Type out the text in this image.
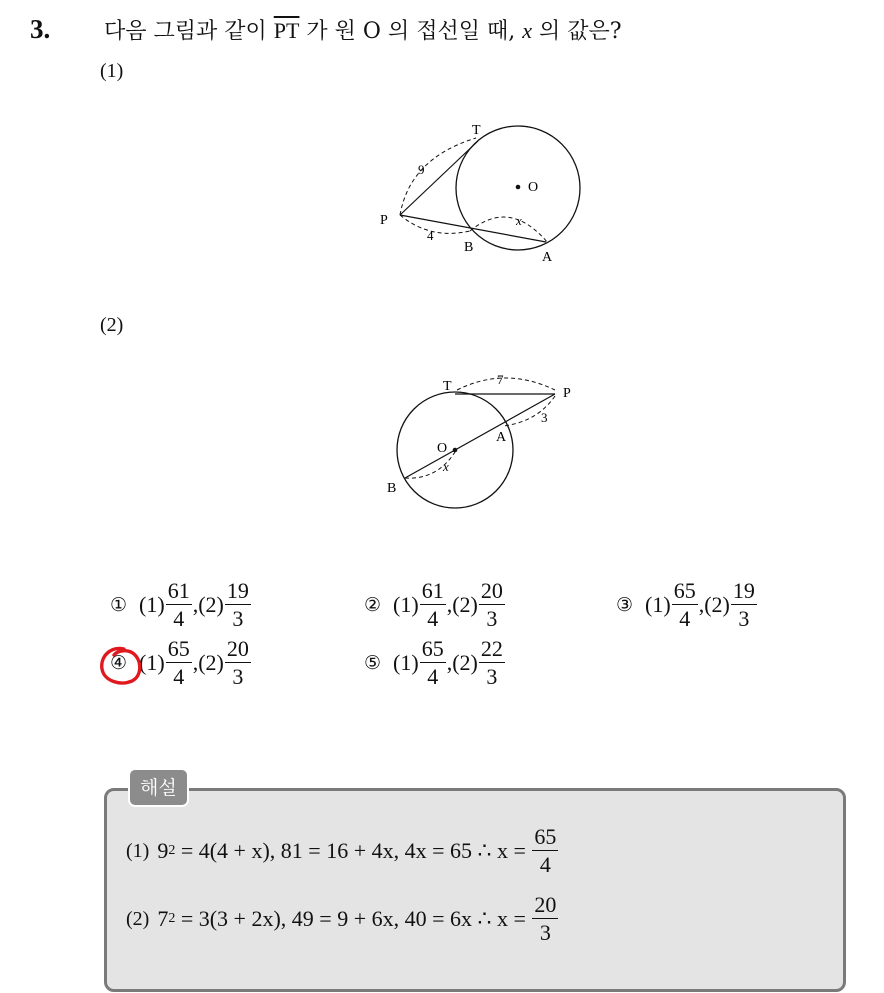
3. 다음 그림과 같이 $\overline{PT}$ 가 원 O 의 접선일 때, x 의 값은?
(1)
T
O
P
B
A
9
4
x
(2)
T	P
O
A
B
7
3
x
① $(1) \frac{61}{4} ,(2) \frac{19}{3}$	② $(1) \frac{61}{4} ,(2) \frac{20}{3}$	③ $(1) \frac{65}{4} ,(2) \frac{19}{3}$
④ $(1) \frac{65}{4} ,(2) \frac{20}{3}$	⑤ $(1) \frac{65}{4} ,(2) \frac{22}{3}$
해설
(1) 9 2 = 4(4 + x), 81 = 16 + 4x, 4x = 65 ∴ $x = \frac{65}{4}$
(2) 7 2 = 3(3 + 2x), 49 = 9 + 6x, 40 = 6x ∴ $x = \frac{20}{3}$
